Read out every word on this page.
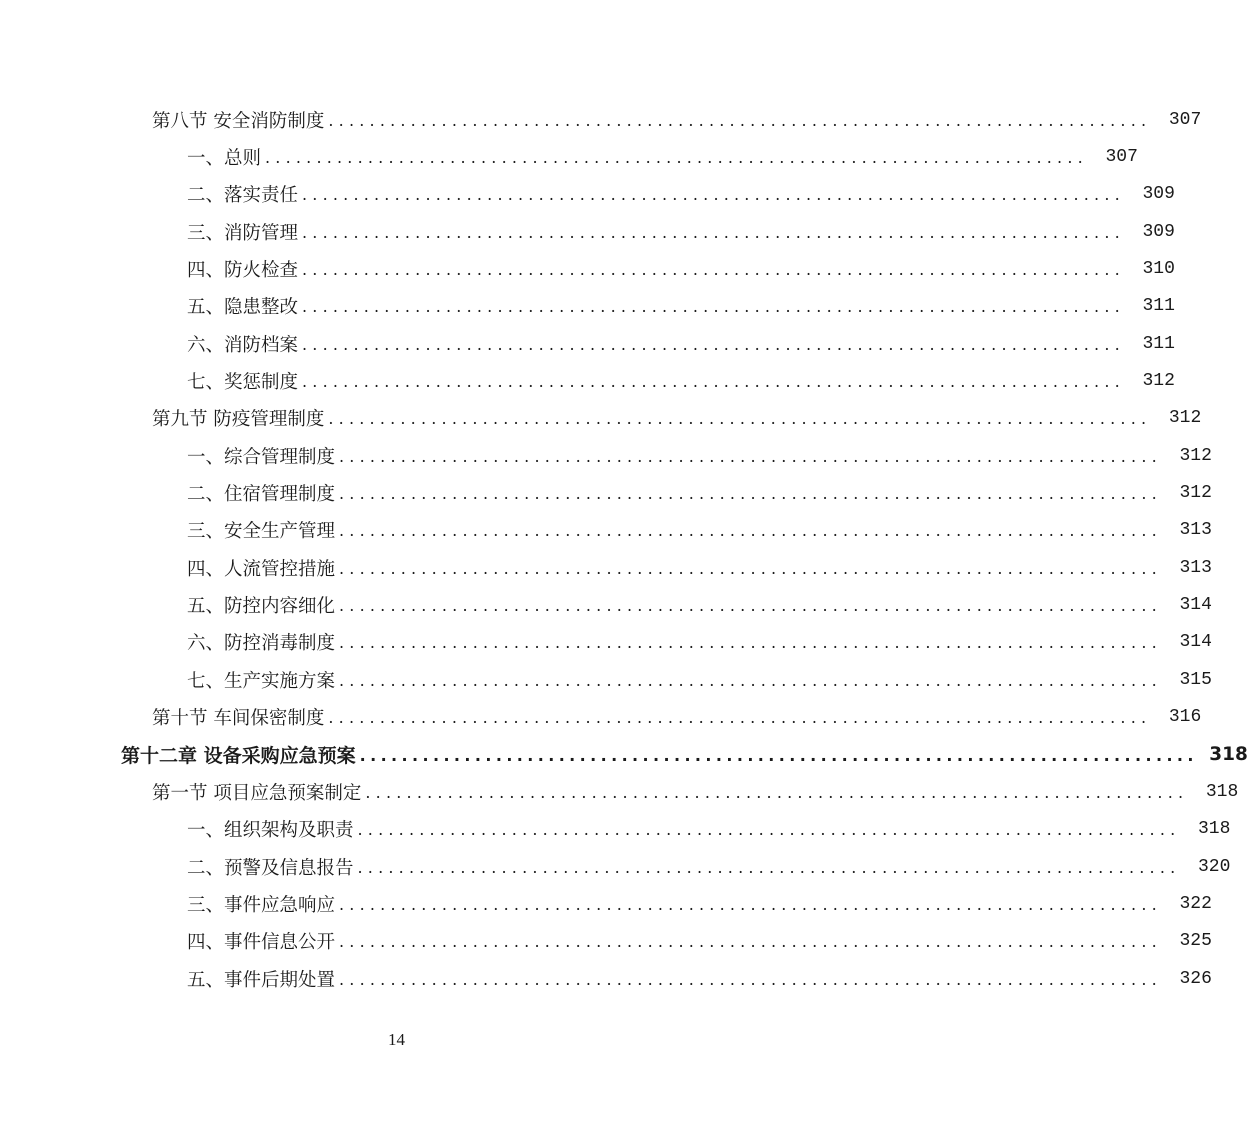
第八节 安全消防制度 ................................................................................ 307
一、总则 ................................................................................ 307
二、落实责任 ................................................................................ 309
三、消防管理 ................................................................................ 309
四、防火检查 ................................................................................ 310
五、隐患整改 ................................................................................ 311
六、消防档案 ................................................................................ 311
七、奖惩制度 ................................................................................ 312
第九节 防疫管理制度 ................................................................................ 312
一、综合管理制度 ................................................................................ 312
二、住宿管理制度 ................................................................................ 312
三、安全生产管理 ................................................................................ 313
四、人流管控措施 ................................................................................ 313
五、防控内容细化 ................................................................................ 314
六、防控消毒制度 ................................................................................ 314
七、生产实施方案 ................................................................................ 315
第十节 车间保密制度 ................................................................................ 316
第十二章 设备采购应急预案 ................................................................................ 318
第一节 项目应急预案制定 ................................................................................ 318
一、组织架构及职责 ................................................................................ 318
二、预警及信息报告 ................................................................................ 320
三、事件应急响应 ................................................................................ 322
四、事件信息公开 ................................................................................ 325
五、事件后期处置 ................................................................................ 326
14
